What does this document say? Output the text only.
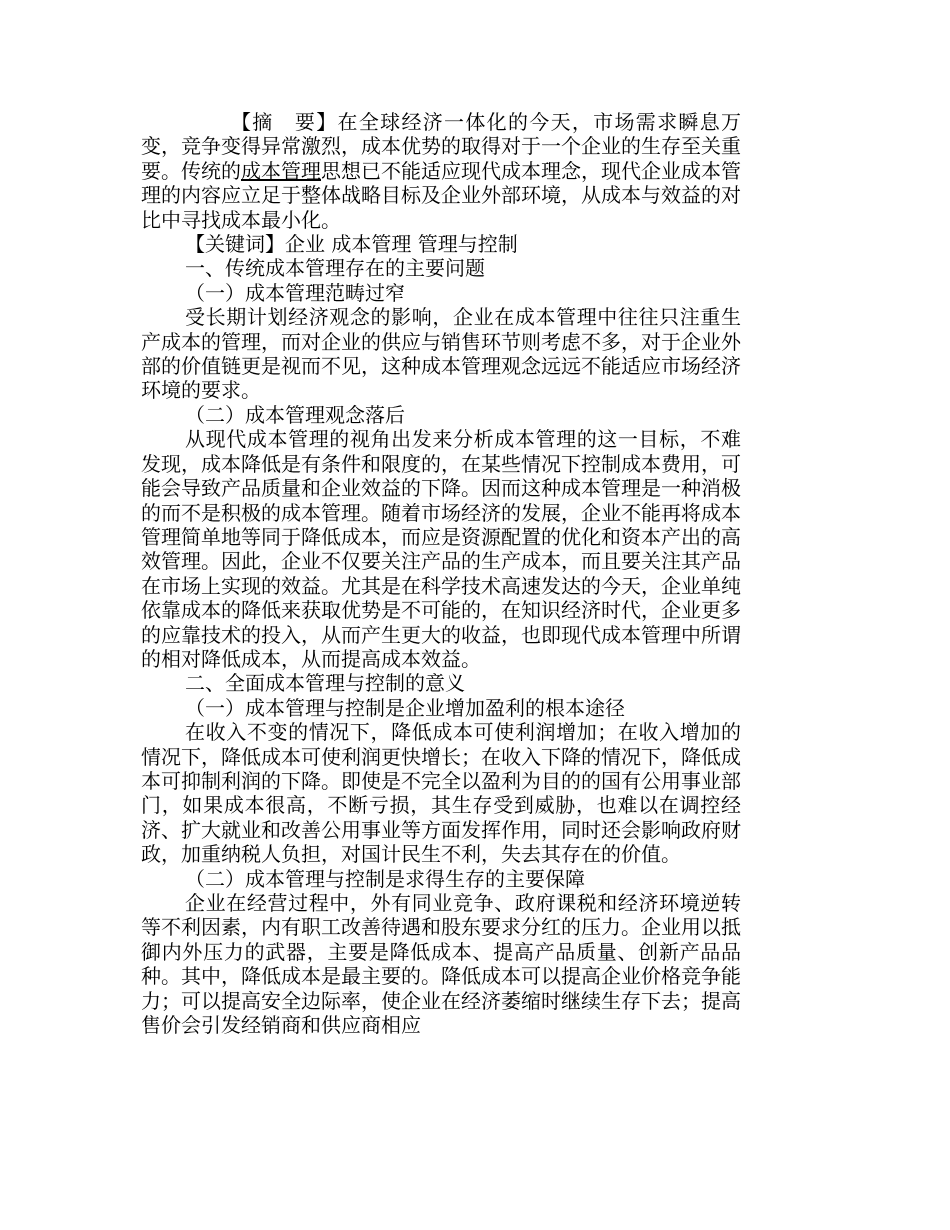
【摘　要】在全球经济一体化的今天，市场需求瞬息万变，竞争变得异常激烈，成本优势的取得对于一个企业的生存至关重要。传统的成本管理思想已不能适应现代成本理念，现代企业成本管理的内容应立足于整体战略目标及企业外部环境，从成本与效益的对比中寻找成本最小化。

【关键词】企业 成本管理 管理与控制

一、传统成本管理存在的主要问题

（一）成本管理范畴过窄

受长期计划经济观念的影响，企业在成本管理中往往只注重生产成本的管理，而对企业的供应与销售环节则考虑不多，对于企业外部的价值链更是视而不见，这种成本管理观念远远不能适应市场经济环境的要求。

（二）成本管理观念落后

从现代成本管理的视角出发来分析成本管理的这一目标，不难发现，成本降低是有条件和限度的，在某些情况下控制成本费用，可能会导致产品质量和企业效益的下降。因而这种成本管理是一种消极的而不是积极的成本管理。随着市场经济的发展，企业不能再将成本管理简单地等同于降低成本，而应是资源配置的优化和资本产出的高效管理。因此，企业不仅要关注产品的生产成本，而且要关注其产品在市场上实现的效益。尤其是在科学技术高速发达的今天，企业单纯依靠成本的降低来获取优势是不可能的，在知识经济时代，企业更多的应靠技术的投入，从而产生更大的收益，也即现代成本管理中所谓的相对降低成本，从而提高成本效益。

二、全面成本管理与控制的意义

（一）成本管理与控制是企业增加盈利的根本途径

在收入不变的情况下，降低成本可使利润增加；在收入增加的情况下，降低成本可使利润更快增长；在收入下降的情况下，降低成本可抑制利润的下降。即使是不完全以盈利为目的的国有公用事业部门，如果成本很高，不断亏损，其生存受到威胁，也难以在调控经济、扩大就业和改善公用事业等方面发挥作用，同时还会影响政府财政，加重纳税人负担，对国计民生不利，失去其存在的价值。

（二）成本管理与控制是求得生存的主要保障

企业在经营过程中，外有同业竞争、政府课税和经济环境逆转等不利因素，内有职工改善待遇和股东要求分红的压力。企业用以抵御内外压力的武器，主要是降低成本、提高产品质量、创新产品品种。其中，降低成本是最主要的。降低成本可以提高企业价格竞争能力；可以提高安全边际率，使企业在经济萎缩时继续生存下去；提高售价会引发经销商和供应商相应
